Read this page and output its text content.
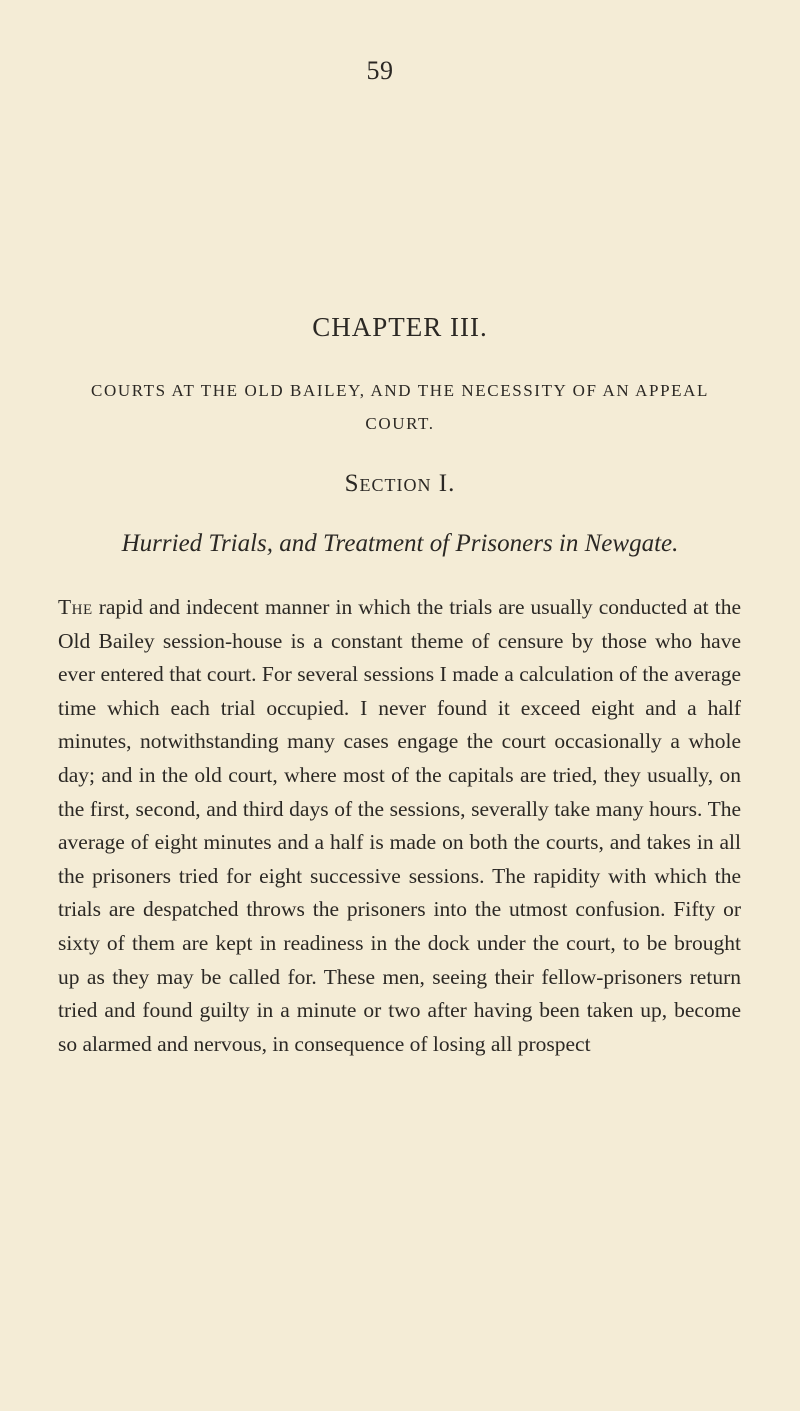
59
CHAPTER III.
COURTS AT THE OLD BAILEY, AND THE NECESSITY OF AN APPEAL COURT.
Section I.
Hurried Trials, and Treatment of Prisoners in Newgate.

The rapid and indecent manner in which the trials are usually conducted at the Old Bailey session-house is a constant theme of censure by those who have ever entered that court. For several sessions I made a calculation of the average time which each trial occupied. I never found it exceed eight and a half minutes, notwithstanding many cases engage the court occasionally a whole day; and in the old court, where most of the capitals are tried, they usually, on the first, second, and third days of the sessions, severally take many hours. The average of eight minutes and a half is made on both the courts, and takes in all the prisoners tried for eight successive sessions. The rapidity with which the trials are despatched throws the prisoners into the utmost confusion. Fifty or sixty of them are kept in readiness in the dock under the court, to be brought up as they may be called for. These men, seeing their fellow-prisoners return tried and found guilty in a minute or two after having been taken up, become so alarmed and nervous, in consequence of losing all prospect
